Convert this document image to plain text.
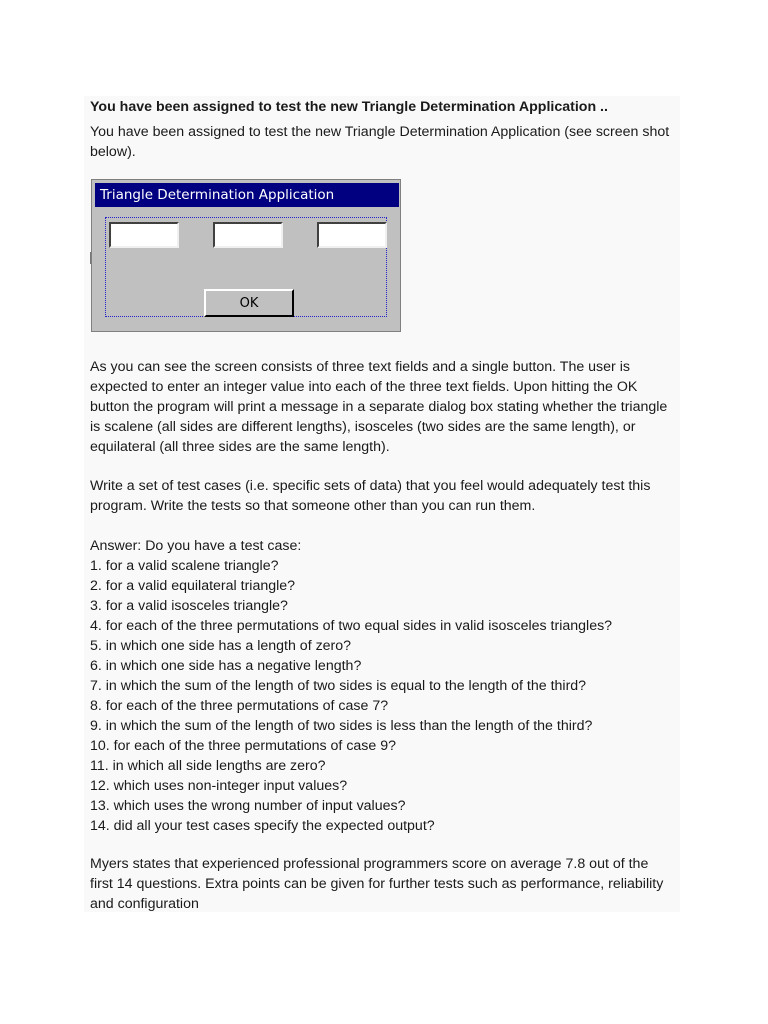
You have been assigned to test the new Triangle Determination Application ..

You have been assigned to test the new Triangle Determination Application (see screen shot below).

Triangle Determination Application
OK

As you can see the screen consists of three text fields and a single button. The user is expected to enter an integer value into each of the three text fields. Upon hitting the OK button the program will print a message in a separate dialog box stating whether the triangle is scalene (all sides are different lengths), isosceles (two sides are the same length), or equilateral (all three sides are the same length).

Write a set of test cases (i.e. specific sets of data) that you feel would adequately test this program. Write the tests so that someone other than you can run them.

Answer: Do you have a test case:

1. for a valid scalene triangle?
2. for a valid equilateral triangle?
3. for a valid isosceles triangle?
4. for each of the three permutations of two equal sides in valid isosceles triangles?
5. in which one side has a length of zero?
6. in which one side has a negative length?
7. in which the sum of the length of two sides is equal to the length of the third?
8. for each of the three permutations of case 7?
9. in which the sum of the length of two sides is less than the length of the third?
10. for each of the three permutations of case 9?
11. in which all side lengths are zero?
12. which uses non-integer input values?
13. which uses the wrong number of input values?
14. did all your test cases specify the expected output?

Myers states that experienced professional programmers score on average 7.8 out of the first 14 questions. Extra points can be given for further tests such as performance, reliability and configuration
